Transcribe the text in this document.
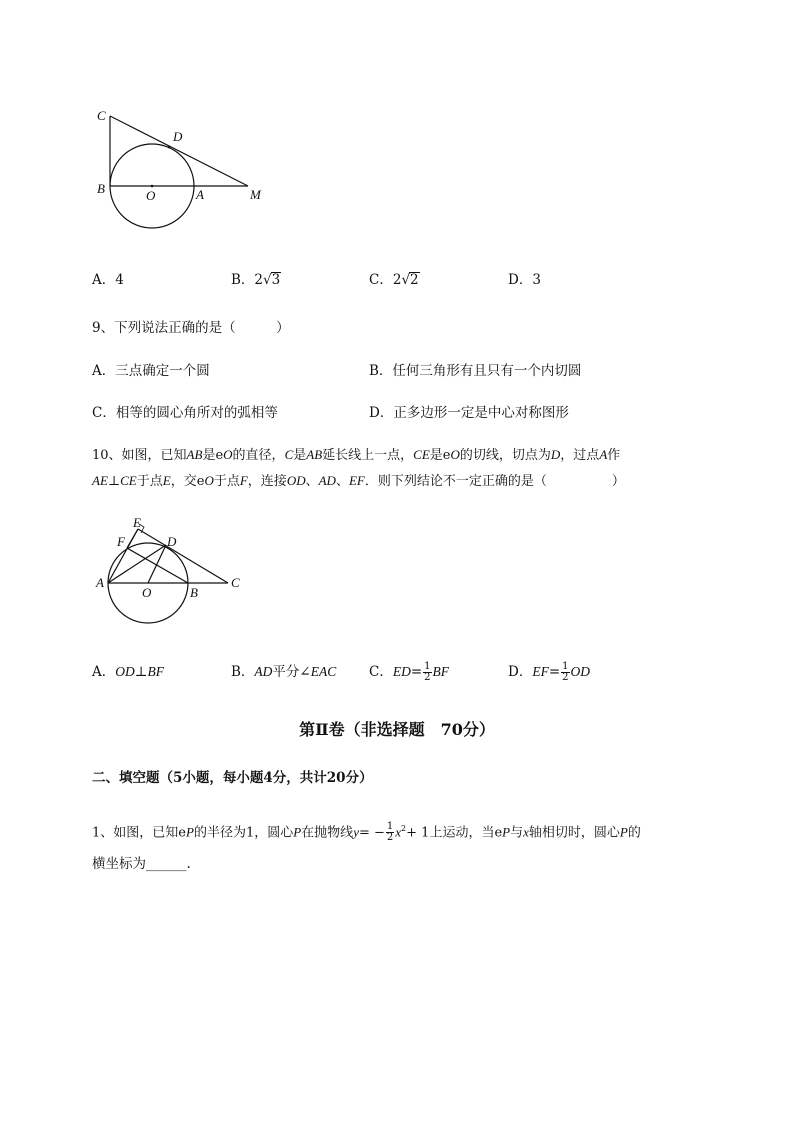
C
D
B	O	A	M
A．4	B．2√3	C．2√2	D．3
9、下列说法正确的是（　　　）
A．三点确定一个圆	B．任何三角形有且只有一个内切圆
C．相等的圆心角所对的弧相等	D．正多边形一定是中心对称图形
10、如图，已知AB是eO的直径，C是AB延长线上一点，CE是eO的切线，切点为D，过点A作
AE⊥CE于点E，交eO于点F，连接OD、AD、EF．则下列结论不一定正确的是（　　　　　）
E
F	D
A
O	B
C
A．OD⊥BF	B．AD平分∠EAC C．$ED= \frac{1}{2}$ BF	D．$EF= \frac{1}{2}$ OD
第Ⅱ卷（非选择题　70分）
二、填空题（5小题，每小题4分，共计20分）
1、如图，已知eP的半径为1，圆心P在抛物线$y= - \frac{1}{2} x^2+ 1$上运动，当eP与x轴相切时，圆心P的
横坐标为______.
